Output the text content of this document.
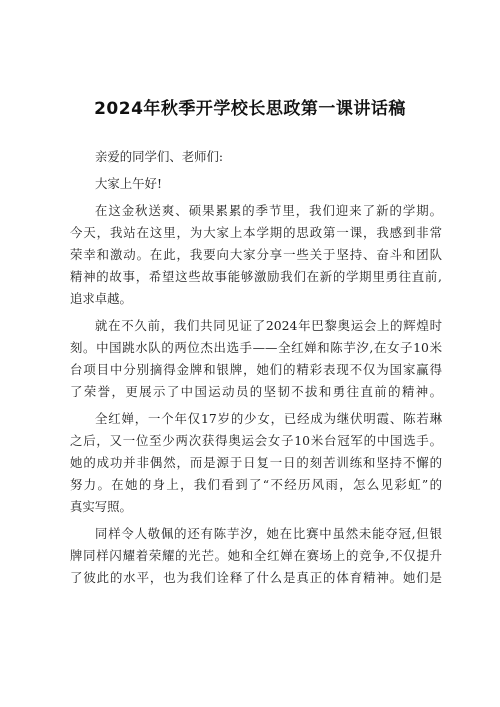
2024年秋季开学校长思政第一课讲话稿
亲爱的同学们、老师们:
大家上午好!
在这金秋送爽、硕果累累的季节里，我们迎来了新的学期。
今天，我站在这里，为大家上本学期的思政第一课，我感到非常
荣幸和激动。在此，我要向大家分享一些关于坚持、奋斗和团队
精神的故事，希望这些故事能够激励我们在新的学期里勇往直前,
追求卓越。
就在不久前，我们共同见证了2024年巴黎奥运会上的辉煌时
刻。中国跳水队的两位杰出选手——全红婵和陈芋汐,在女子10米
台项目中分别摘得金牌和银牌，她们的精彩表现不仅为国家赢得
了荣誉，更展示了中国运动员的坚韧不拔和勇往直前的精神。
全红婵，一个年仅17岁的少女，已经成为继伏明霞、陈若琳
之后，又一位至少两次获得奥运会女子10米台冠军的中国选手。
她的成功并非偶然，而是源于日复一日的刻苦训练和坚持不懈的
努力。在她的身上，我们看到了“不经历风雨，怎么见彩虹”的
真实写照。
同样令人敬佩的还有陈芋汐，她在比赛中虽然未能夺冠,但银
牌同样闪耀着荣耀的光芒。她和全红婵在赛场上的竞争,不仅提升
了彼此的水平，也为我们诠释了什么是真正的体育精神。她们是
